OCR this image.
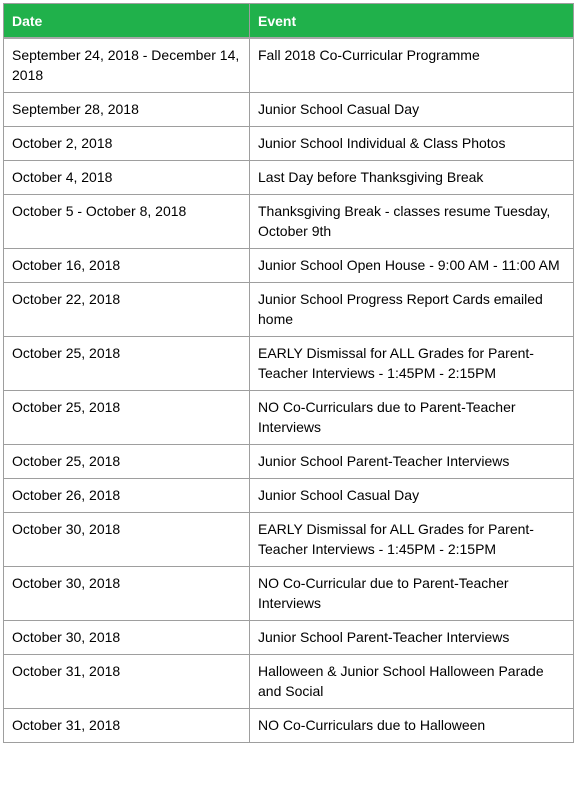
Date	Event
September 24, 2018 - December 14, 2018	Fall 2018 Co-Curricular Programme
September 28, 2018	Junior School Casual Day
October 2, 2018	Junior School Individual & Class Photos
October 4, 2018	Last Day before Thanksgiving Break
October 5 - October 8, 2018	Thanksgiving Break - classes resume Tuesday, October 9th
October 16, 2018	Junior School Open House - 9:00 AM - 11:00 AM
October 22, 2018	Junior School Progress Report Cards emailed home
October 25, 2018	EARLY Dismissal for ALL Grades for Parent-Teacher Interviews - 1:45PM - 2:15PM
October 25, 2018	NO Co-Curriculars due to Parent-Teacher Interviews
October 25, 2018	Junior School Parent-Teacher Interviews
October 26, 2018	Junior School Casual Day
October 30, 2018	EARLY Dismissal for ALL Grades for Parent-Teacher Interviews - 1:45PM - 2:15PM
October 30, 2018	NO Co-Curricular due to Parent-Teacher Interviews
October 30, 2018	Junior School Parent-Teacher Interviews
October 31, 2018	Halloween & Junior School Halloween Parade and Social
October 31, 2018	NO Co-Curriculars due to Halloween
